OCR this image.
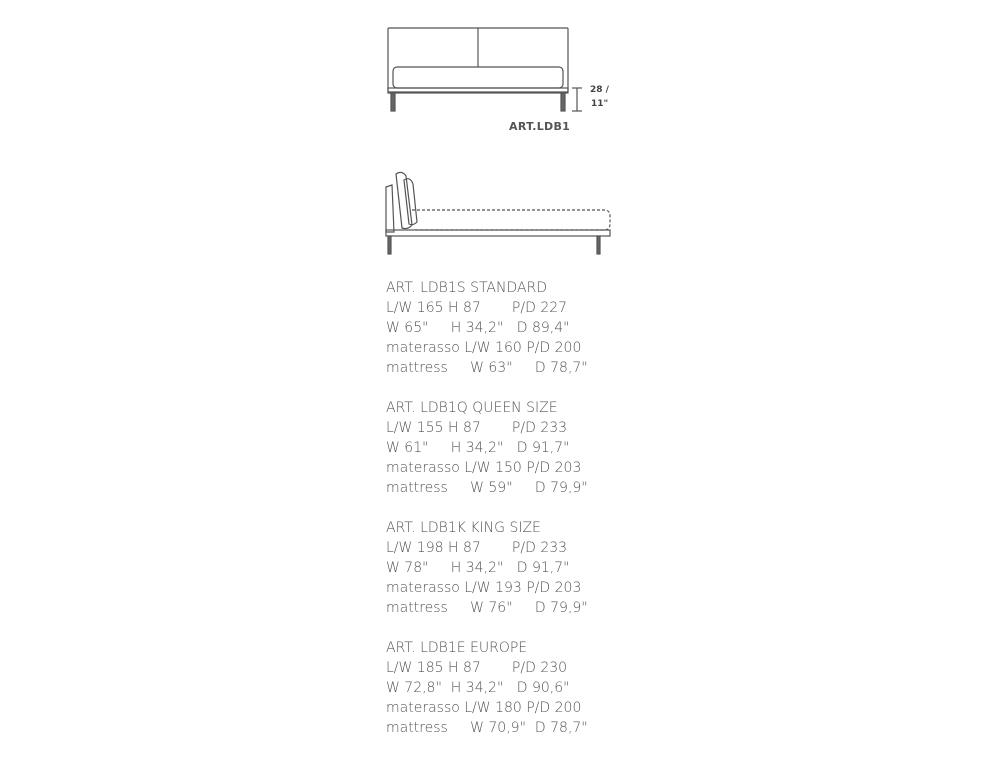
28 /
11"
ART.LDB1
ART. LDB1S STANDARD
L/W 165 H 87       P/D 227
W 65"     H 34,2"   D 89,4"
materasso L/W 160 P/D 200
mattress     W 63"     D 78,7"
ART. LDB1Q QUEEN SIZE
L/W 155 H 87       P/D 233
W 61"     H 34,2"   D 91,7"
materasso L/W 150 P/D 203
mattress     W 59"     D 79,9"
ART. LDB1K KING SIZE
L/W 198 H 87       P/D 233
W 78"     H 34,2"   D 91,7"
materasso L/W 193 P/D 203
mattress     W 76"     D 79,9"
ART. LDB1E EUROPE
L/W 185 H 87       P/D 230
W 72,8"  H 34,2"   D 90,6"
materasso L/W 180 P/D 200
mattress     W 70,9"  D 78,7"
